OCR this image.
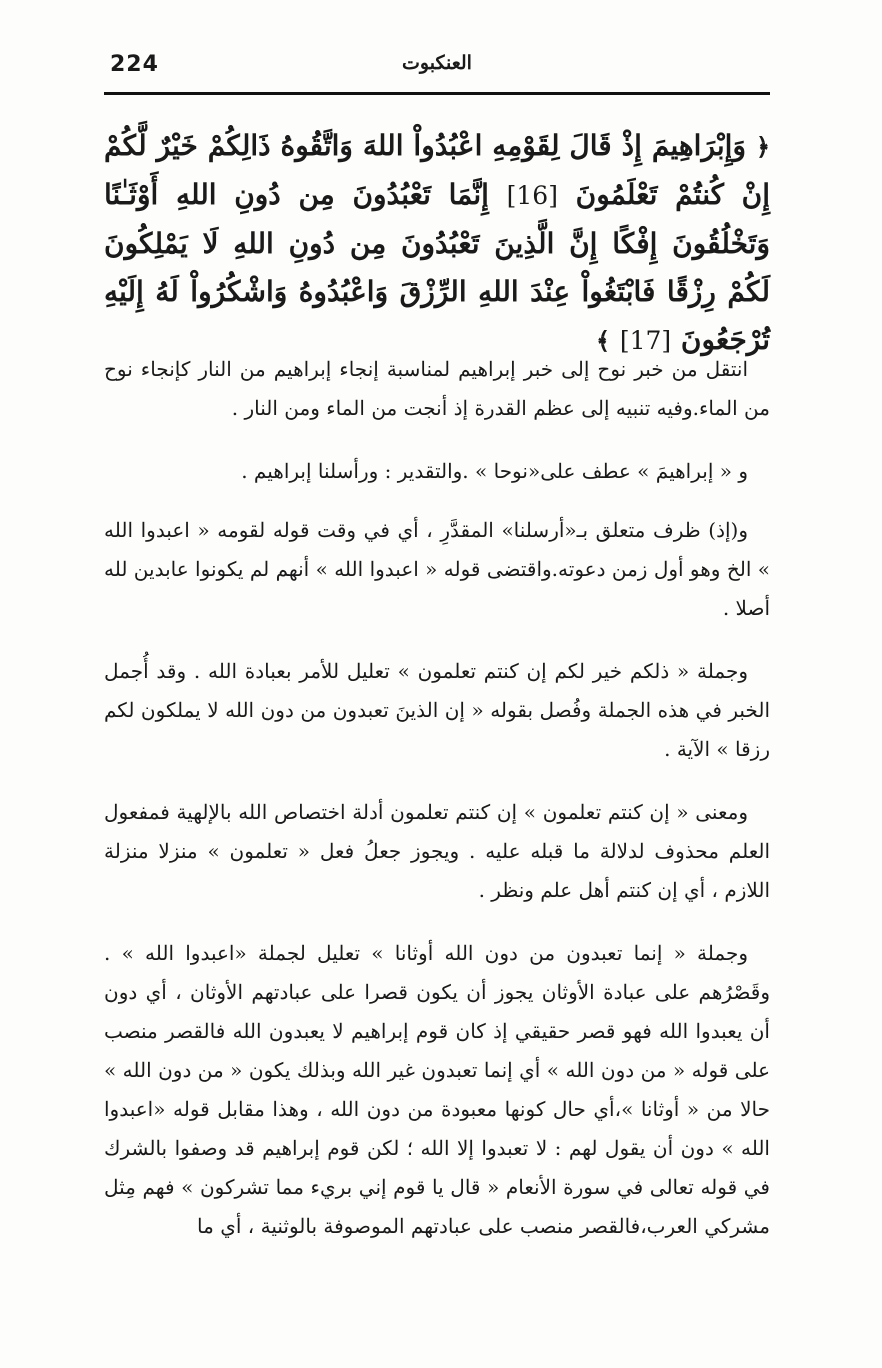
224	العنكبوت
﴿ وَإِبْرَاهِيمَ إِذْ قَالَ لِقَوْمِهِ اعْبُدُواْ اللهَ وَاتَّقُوهُ ذَالِكُمْ خَيْرٌ لَّكُمْ إِنْ كُنتُمْ تَعْلَمُونَ [16] إِنَّمَا تَعْبُدُونَ مِن دُونِ اللهِ أَوْثَـٰنًا وَتَخْلُقُونَ إِفْكًا إِنَّ الَّذِينَ تَعْبُدُونَ مِن دُونِ اللهِ لَا يَمْلِكُونَ لَكُمْ رِزْقًا فَابْتَغُواْ عِنْدَ اللهِ الرِّزْقَ وَاعْبُدُوهُ وَاشْكُرُواْ لَهُ إِلَيْهِ تُرْجَعُونَ [17] ﴾

انتقل من خبر نوح إلى خبر إبراهيم لمناسبة إنجاء إبراهيم من النار كإنجاء نوح من الماء.وفيه تنبيه إلى عظم القدرة إذ أنجت من الماء ومن النار .

و « إبراهيمَ » عطف على«نوحا » .والتقدير : ورأسلنا إبراهيم .

و(إذ) ظرف متعلق بـ«أرسلنا» المقدَّرِ ، أي في وقت قوله لقومه « اعبدوا الله » الخ وهو أول زمن دعوته.واقتضى قوله « اعبدوا الله » أنهم لم يكونوا عابدين لله أصلا .

وجملة « ذلكم خير لكم إن كنتم تعلمون » تعليل للأمر بعبادة الله . وقد أُجمل الخبر في هذه الجملة وفُصل بقوله « إن الذينَ تعبدون من دون الله لا يملكون لكم رزقا » الآية .

ومعنى « إن كنتم تعلمون » إن كنتم تعلمون أدلة اختصاص الله بالإلهية فمفعول العلم محذوف لدلالة ما قبله عليه . ويجوز جعلُ فعل « تعلمون » منزلا منزلة اللازم ، أي إن كنتم أهل علم ونظر .

وجملة « إنما تعبدون من دون الله أوثانا » تعليل لجملة «اعبدوا الله » . وقَصْرُهم على عبادة الأوثان يجوز أن يكون قصرا على عبادتهم الأوثان ، أي دون أن يعبدوا الله فهو قصر حقيقي إذ كان قوم إبراهيم لا يعبدون الله فالقصر منصب على قوله « من دون الله » أي إنما تعبدون غير الله وبذلك يكون « من دون الله » حالا من « أوثانا »،أي حال كونها معبودة من دون الله ، وهذا مقابل قوله «اعبدوا الله » دون أن يقول لهم : لا تعبدوا إلا الله ؛ لكن قوم إبراهيم قد وصفوا بالشرك في قوله تعالى في سورة الأنعام « قال يا قوم إني بريء مما تشركون » فهم مِثل مشركي العرب،فالقصر منصب على عبادتهم الموصوفة بالوثنية ، أي ما
